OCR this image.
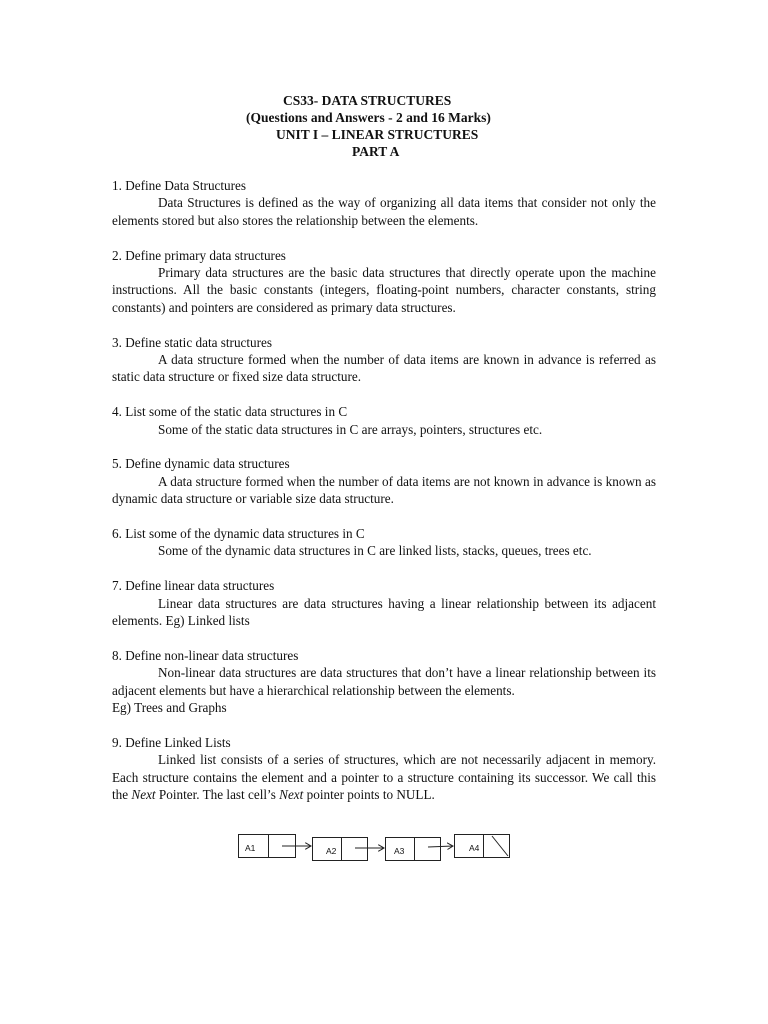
CS33- DATA STRUCTURES
(Questions and Answers - 2 and 16 Marks)
UNIT I – LINEAR STRUCTURES
PART A
1. Define Data Structures
Data Structures is defined as the way of organizing all data items that consider not only the elements stored but also stores the relationship between the elements.
2. Define primary data structures
Primary data structures are the basic data structures that directly operate upon the machine instructions. All the basic constants (integers, floating-point numbers, character constants, string constants) and pointers are considered as primary data structures.
3. Define static data structures
A data structure formed when the number of data items are known in advance is referred as static data structure or fixed size data structure.
4. List some of the static data structures in C
Some of the static data structures in C are arrays, pointers, structures etc.
5. Define dynamic data structures
A data structure formed when the number of data items are not known in advance is known as dynamic data structure or variable size data structure.
6. List some of the dynamic data structures in C
Some of the dynamic data structures in C are linked lists, stacks, queues, trees etc.
7. Define linear data structures
Linear data structures are data structures having a linear relationship between its adjacent elements. Eg) Linked lists
8. Define non-linear data structures
Non-linear data structures are data structures that don’t have a linear relationship between its adjacent elements but have a hierarchical relationship between the elements.
Eg) Trees and Graphs
9. Define Linked Lists
Linked list consists of a series of structures, which are not necessarily adjacent in memory. Each structure contains the element and a pointer to a structure containing its successor. We call this the Next Pointer. The last cell’s Next pointer points to NULL.
A1	A2	A3	A4
